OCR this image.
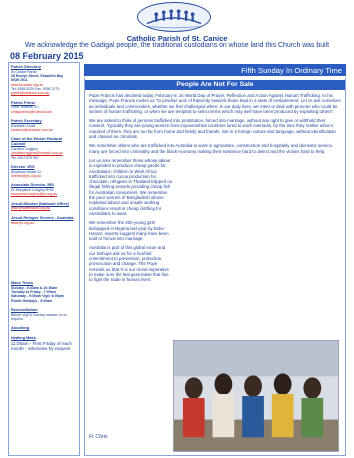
Catholic Parish of St. Canice
We acknowledge the Gadigal people, the traditional custodians on whose land this Church was built
08 February 2015
Parish Directory
St Canice Parish
28 Roslyn Street, Elizabeth Bay
NSW 2011
www.stcanice.org.au
Tel: 9358 5229 Fax: 9358 2179
parish@stcanice.com.au
Parish Priest
Chris Jordens, SJ
chrisjordens@hotmail.com
Parish Secretary
Elizabeth Small
stcanice@stcanice.com.au
Chair of the Parish Pastoral Council
Caroline Coggins
carolinecoggins@hotmail.com.au
Tel: 0407 575 557
Director JRS
Aloysious Mowe SJ
director@jrs.org.au
Associate Director JRS
Dr Maryanne Loughry RSM
maryanne.loughry@jrs.org.au
Jesuit Mission (National Office)
www.jesuitmission.org.au
Jesuit Refugee Service - Australia
www.jrs.org.au
Mass Times
Sunday - 8:30am & 10:30am
Tuesday to Friday - 7:00am
Saturday - 9:00am Vigil: 6:00pm
Public Holidays - 9:00am
Reconciliation
Before Vigil & Sunday masses or on
request
Anointing
Healing Mass
11:00am - First Friday of each
month - otherwise by request
Fifth Sunday In Ordinary Time
People Are Not For Sale

Pope Francis has declared today, February 8, as World Day of Prayer, Reflection and Action Against Human Trafficking. In his message, Pope Francis invites us "to practise acts of fraternity towards those kept in a state of enslavement. Let us ask ourselves as individuals and communities, whether we feel challenged when, in our daily lives, we meet or deal with persons who could be victims of human trafficking, or when we are tempted to select items which may well have been produced by exploiting others".

We are asked to think of persons trafficked into prostitution, forced into marriage, without any right to give or withhold their consent. Typically they are young women from impoverished countries lured to work overseas, by the time they realise what is required of them, they are too far from home and family and friends, lost in a foreign culture and language, without identification and classed as criminals.

We remember others who are trafficked into Australia to work in agriculture, construction and hospitality and domestic service, many are forced into criminality and the black economy making their existence hard to detect and the victims hard to help.

Let us also remember those whose labour is exploited to produce cheap goods for Australians; children in West Africa trafficked into cocoa production for chocolate, refugees in Thailand trapped on illegal fishing vessels providing cheap fish for Australian consumers. We remember the poor women of Bangladesh whose exploited labour and unsafe working conditions result in cheap clothing for Australians to wear.

We remember the 200 young girls kidnapped in Nigeria last year by Boko Haram; reports suggest many have been sold or forced into marriage.

Australia is part of this global issue and our bishops ask us for a fourfold commitment to prevention, protection, prosecution and change. The Pope reminds us that 'it is our moral imperative to make ours the last generation that has to fight the trade in human lives'.

Fr Chris
